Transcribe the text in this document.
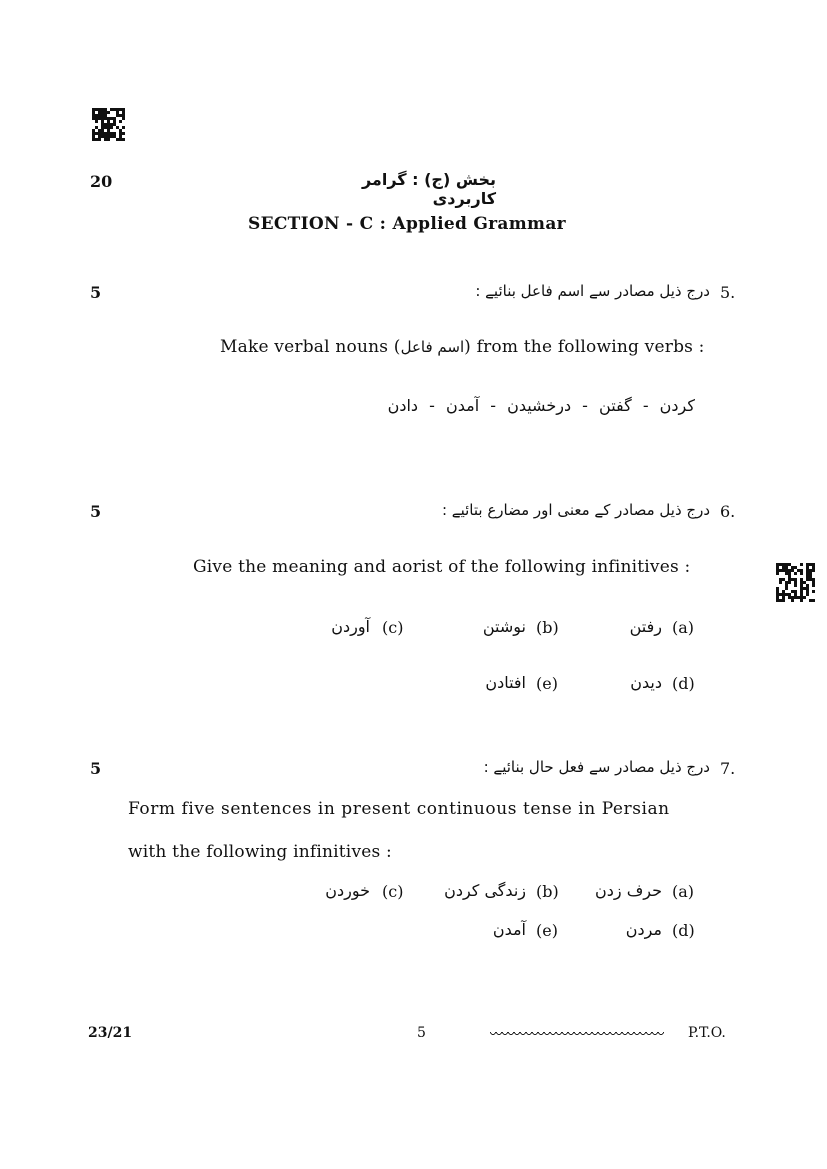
20	بخش (ج) : گرامر کاربردی
SECTION - C : Applied Grammar
5	5.
درج ذیل مصادر سے اسم فاعل بنائیے :
Make verbal nouns (اسم فاعل) from the following verbs :
کردن - گفتن - درخشیدن - آمدن - دادن
5	6.
درج ذیل مصادر کے معنی اور مضارع بتائیے :
Give the meaning and aorist of the following infinitives :
(a)
رفتن
(b)
نوشتن
(c)
آوردن
(d)
دیدن
(e)
افتادن
5	7.
درج ذیل مصادر سے فعل حال بنائیے :
Form five sentences in present continuous tense in Persian
with the following infinitives :
(a)
حرف زدن
(b)
زندگی کردن
(c)
خوردن
(d)
مردن
(e)
آمدن
23/21	5	P.T.O.
